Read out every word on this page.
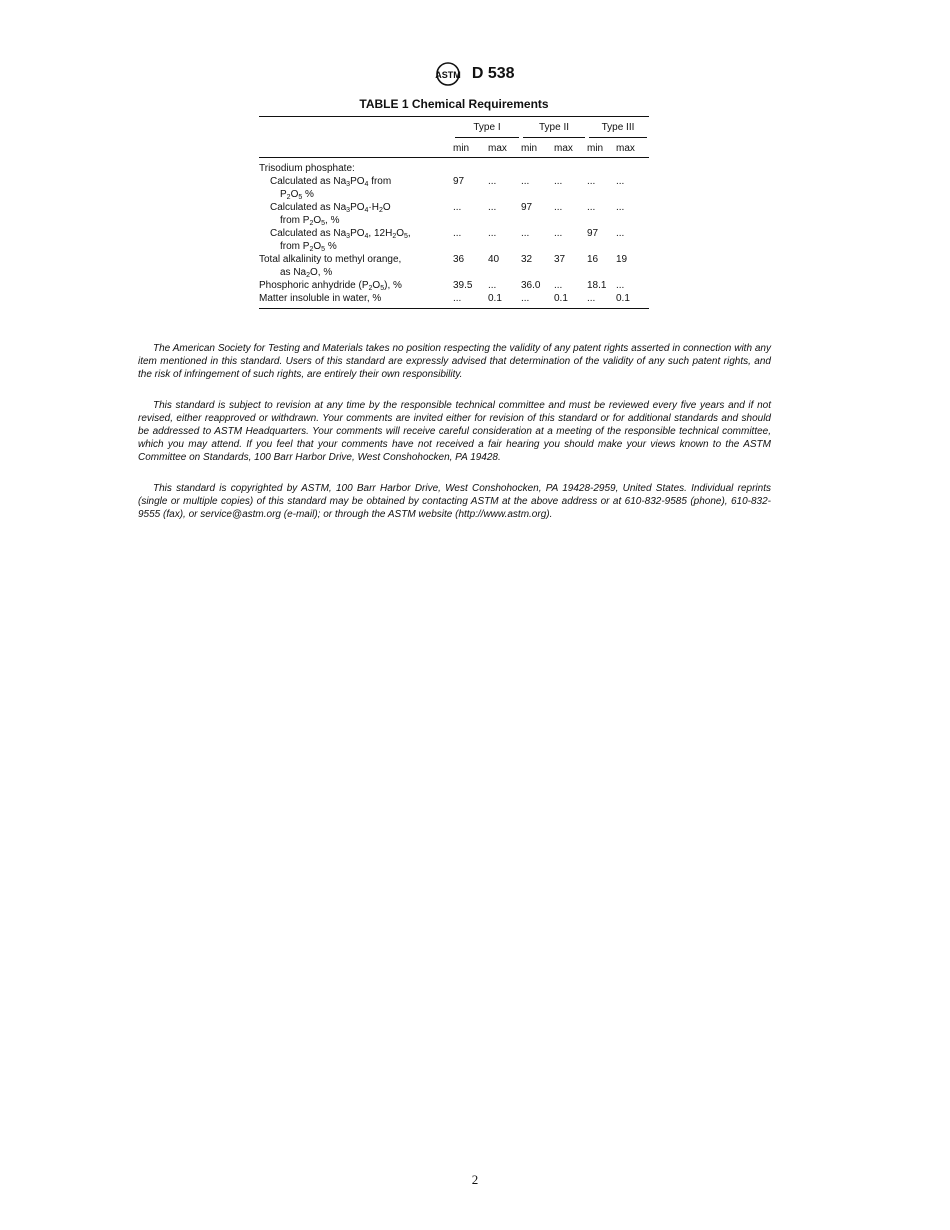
ASTM D 538
TABLE 1 Chemical Requirements

	Type I		Type II		Type III	

	min	max	min	max	min	max
Trisodium phosphate:						

Calculated as $Na_3PO_4$ from
$P_2O_5$ %	97	...	...	...	...	...

Calculated as $Na_3PO_4\cdot H_2O$
from $P_2O_5$, %	...	...	97	...	...	...

Calculated as $Na_3PO_4$, $12H_2O_5$,
from $P_2O_5$ %	...	...	...	...	97	...

Total alkalinity to methyl orange,
as $Na_2O$, %	36	40	32	37	16	19

Phosphoric anhydride $(P_2O_5)$, %	39.5	...	36.0	...	18.1	...

Matter insoluble in water, %	...	0.1	...	0.1	...	0.1

The American Society for Testing and Materials takes no position respecting the validity of any patent rights asserted in connection with any item mentioned in this standard. Users of this standard are expressly advised that determination of the validity of any such patent rights, and the risk of infringement of such rights, are entirely their own responsibility.

This standard is subject to revision at any time by the responsible technical committee and must be reviewed every five years and if not revised, either reapproved or withdrawn. Your comments are invited either for revision of this standard or for additional standards and should be addressed to ASTM Headquarters. Your comments will receive careful consideration at a meeting of the responsible technical committee, which you may attend. If you feel that your comments have not received a fair hearing you should make your views known to the ASTM Committee on Standards, 100 Barr Harbor Drive, West Conshohocken, PA 19428.

This standard is copyrighted by ASTM, 100 Barr Harbor Drive, West Conshohocken, PA 19428-2959, United States. Individual reprints (single or multiple copies) of this standard may be obtained by contacting ASTM at the above address or at 610-832-9585 (phone), 610-832-9555 (fax), or service@astm.org (e-mail); or through the ASTM website (http://www.astm.org).

2
